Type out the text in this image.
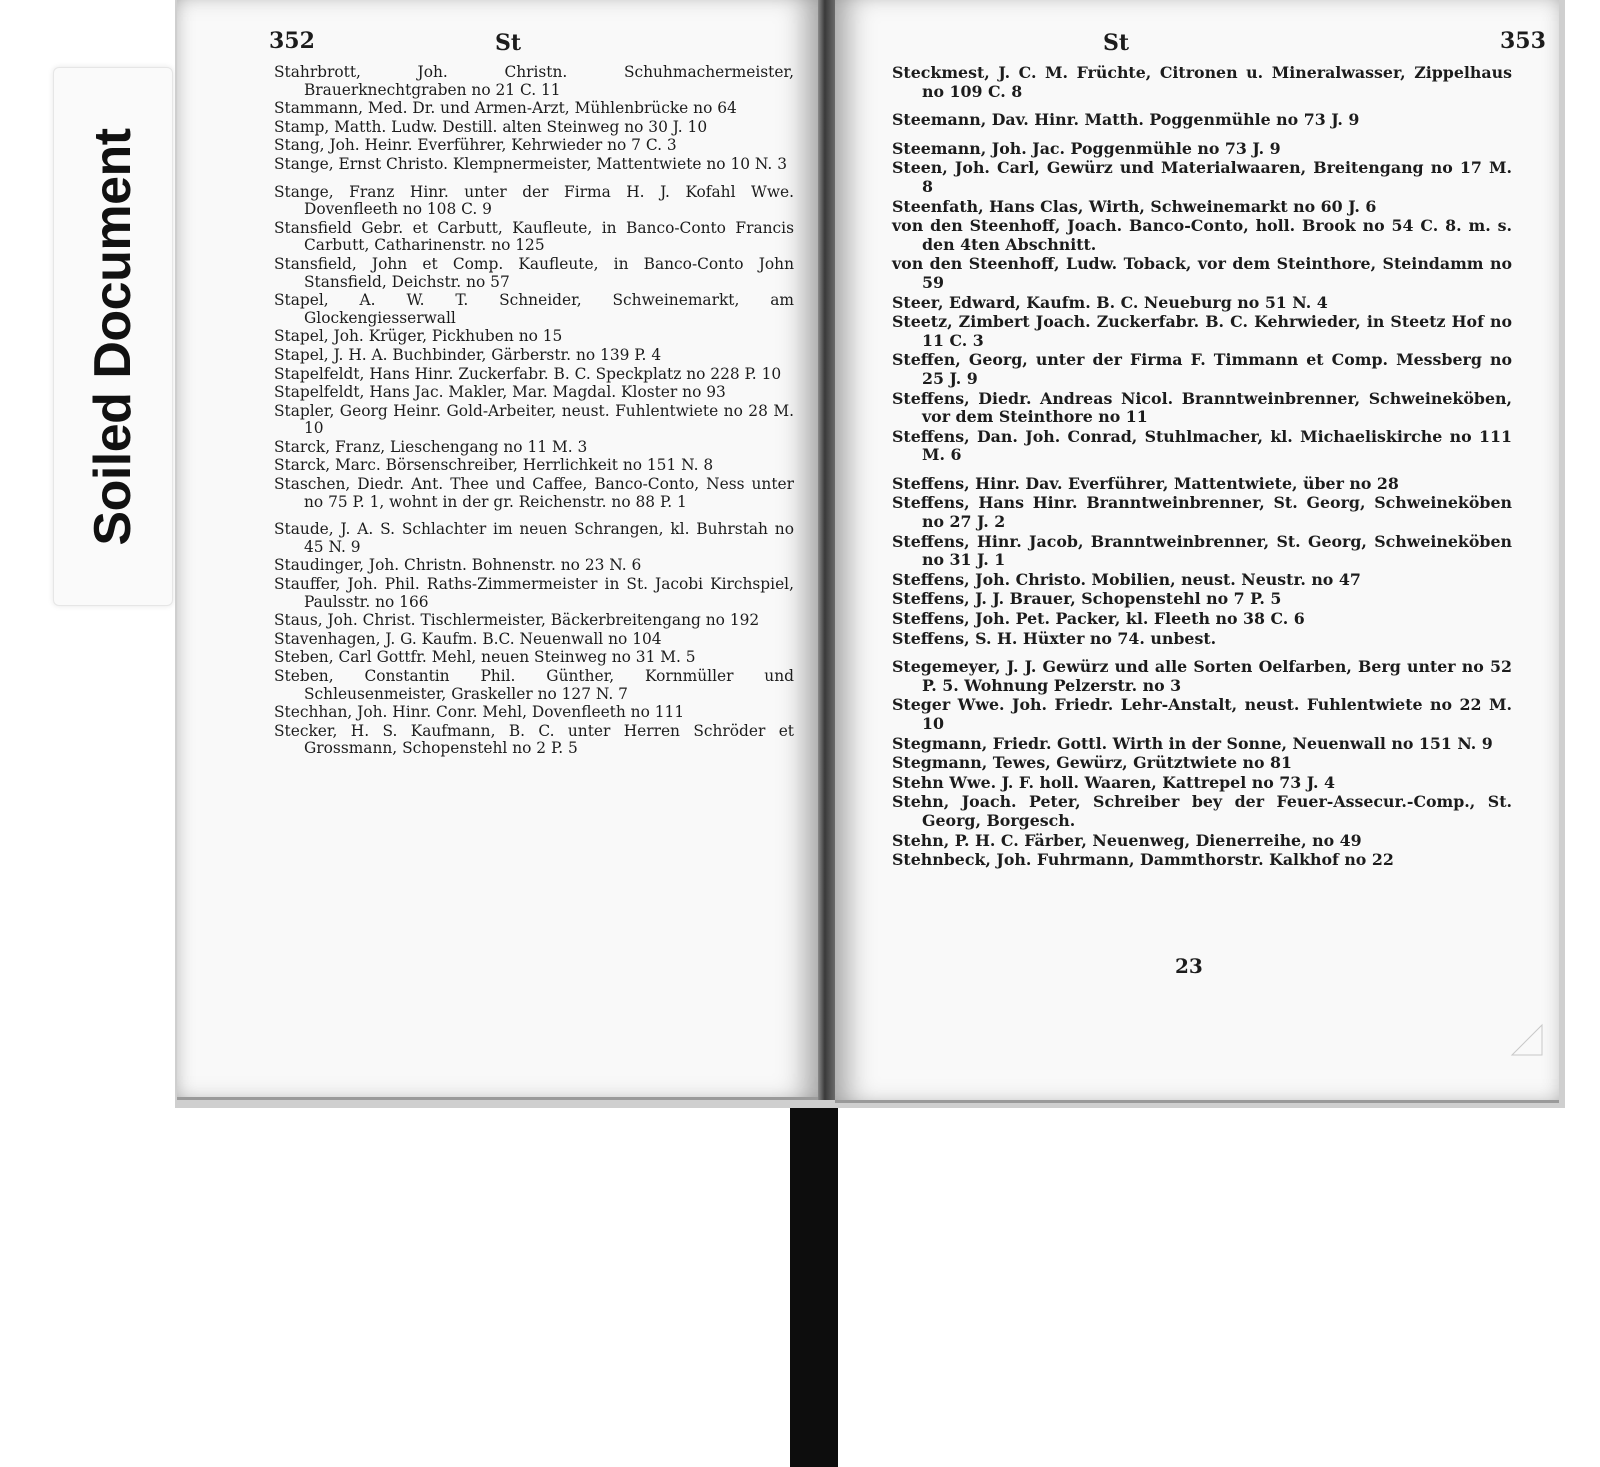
Soiled Document
352	St
Stahrbrott, Joh. Christn. Schuhmachermeister, Brauerknechtgraben no 21 C. 11
Stammann, Med. Dr. und Armen-Arzt, Mühlenbrücke no 64
Stamp, Matth. Ludw. Destill. alten Steinweg no 30 J. 10
Stang, Joh. Heinr. Everführer, Kehrwieder no 7 C. 3
Stange, Ernst Christo. Klempnermeister, Mattentwiete no 10 N. 3
Stange, Franz Hinr. unter der Firma H. J. Kofahl Wwe. Dovenfleeth no 108 C. 9
Stansfield Gebr. et Carbutt, Kaufleute, in Banco-Conto Francis Carbutt, Catharinenstr. no 125
Stansfield, John et Comp. Kaufleute, in Banco-Conto John Stansfield, Deichstr. no 57
Stapel, A. W. T. Schneider, Schweinemarkt, am Glockengiesserwall
Stapel, Joh. Krüger, Pickhuben no 15
Stapel, J. H. A. Buchbinder, Gärberstr. no 139 P. 4
Stapelfeldt, Hans Hinr. Zuckerfabr. B. C. Speckplatz no 228 P. 10
Stapelfeldt, Hans Jac. Makler, Mar. Magdal. Kloster no 93
Stapler, Georg Heinr. Gold-Arbeiter, neust. Fuhlentwiete no 28 M. 10
Starck, Franz, Lieschengang no 11 M. 3
Starck, Marc. Börsenschreiber, Herrlichkeit no 151 N. 8
Staschen, Diedr. Ant. Thee und Caffee, Banco-Conto, Ness unter no 75 P. 1, wohnt in der gr. Reichenstr. no 88 P. 1
Staude, J. A. S. Schlachter im neuen Schrangen, kl. Buhrstah no 45 N. 9
Staudinger, Joh. Christn. Bohnenstr. no 23 N. 6
Stauffer, Joh. Phil. Raths-Zimmermeister in St. Jacobi Kirchspiel, Paulsstr. no 166
Staus, Joh. Christ. Tischlermeister, Bäckerbreitengang no 192
Stavenhagen, J. G. Kaufm. B.C. Neuenwall no 104
Steben, Carl Gottfr. Mehl, neuen Steinweg no 31 M. 5
Steben, Constantin Phil. Günther, Kornmüller und Schleusenmeister, Graskeller no 127 N. 7
Stechhan, Joh. Hinr. Conr. Mehl, Dovenfleeth no 111
Stecker, H. S. Kaufmann, B. C. unter Herren Schröder et Grossmann, Schopenstehl no 2 P. 5
St	353
Steckmest, J. C. M. Früchte, Citronen u. Mineralwasser, Zippelhaus no 109 C. 8
Steemann, Dav. Hinr. Matth. Poggenmühle no 73 J. 9
Steemann, Joh. Jac. Poggenmühle no 73 J. 9
Steen, Joh. Carl, Gewürz und Materialwaaren, Breitengang no 17 M. 8
Steenfath, Hans Clas, Wirth, Schweinemarkt no 60 J. 6
von den Steenhoff, Joach. Banco-Conto, holl. Brook no 54 C. 8. m. s. den 4ten Abschnitt.
von den Steenhoff, Ludw. Toback, vor dem Steinthore, Steindamm no 59
Steer, Edward, Kaufm. B. C. Neueburg no 51 N. 4
Steetz, Zimbert Joach. Zuckerfabr. B. C. Kehrwieder, in Steetz Hof no 11 C. 3
Steffen, Georg, unter der Firma F. Timmann et Comp. Messberg no 25 J. 9
Steffens, Diedr. Andreas Nicol. Branntweinbrenner, Schweineköben, vor dem Steinthore no 11
Steffens, Dan. Joh. Conrad, Stuhlmacher, kl. Michaeliskirche no 111 M. 6
Steffens, Hinr. Dav. Everführer, Mattentwiete, über no 28
Steffens, Hans Hinr. Branntweinbrenner, St. Georg, Schweineköben no 27 J. 2
Steffens, Hinr. Jacob, Branntweinbrenner, St. Georg, Schweineköben no 31 J. 1
Steffens, Joh. Christo. Mobilien, neust. Neustr. no 47
Steffens, J. J. Brauer, Schopenstehl no 7 P. 5
Steffens, Joh. Pet. Packer, kl. Fleeth no 38 C. 6
Steffens, S. H. Hüxter no 74. unbest.
Stegemeyer, J. J. Gewürz und alle Sorten Oelfarben, Berg unter no 52 P. 5. Wohnung Pelzerstr. no 3
Steger Wwe. Joh. Friedr. Lehr-Anstalt, neust. Fuhlentwiete no 22 M. 10
Stegmann, Friedr. Gottl. Wirth in der Sonne, Neuenwall no 151 N. 9
Stegmann, Tewes, Gewürz, Grütztwiete no 81
Stehn Wwe. J. F. holl. Waaren, Kattrepel no 73 J. 4
Stehn, Joach. Peter, Schreiber bey der Feuer-Assecur.-Comp., St. Georg, Borgesch.
Stehn, P. H. C. Färber, Neuenweg, Dienerreihe, no 49
Stehnbeck, Joh. Fuhrmann, Dammthorstr. Kalkhof no 22
23
